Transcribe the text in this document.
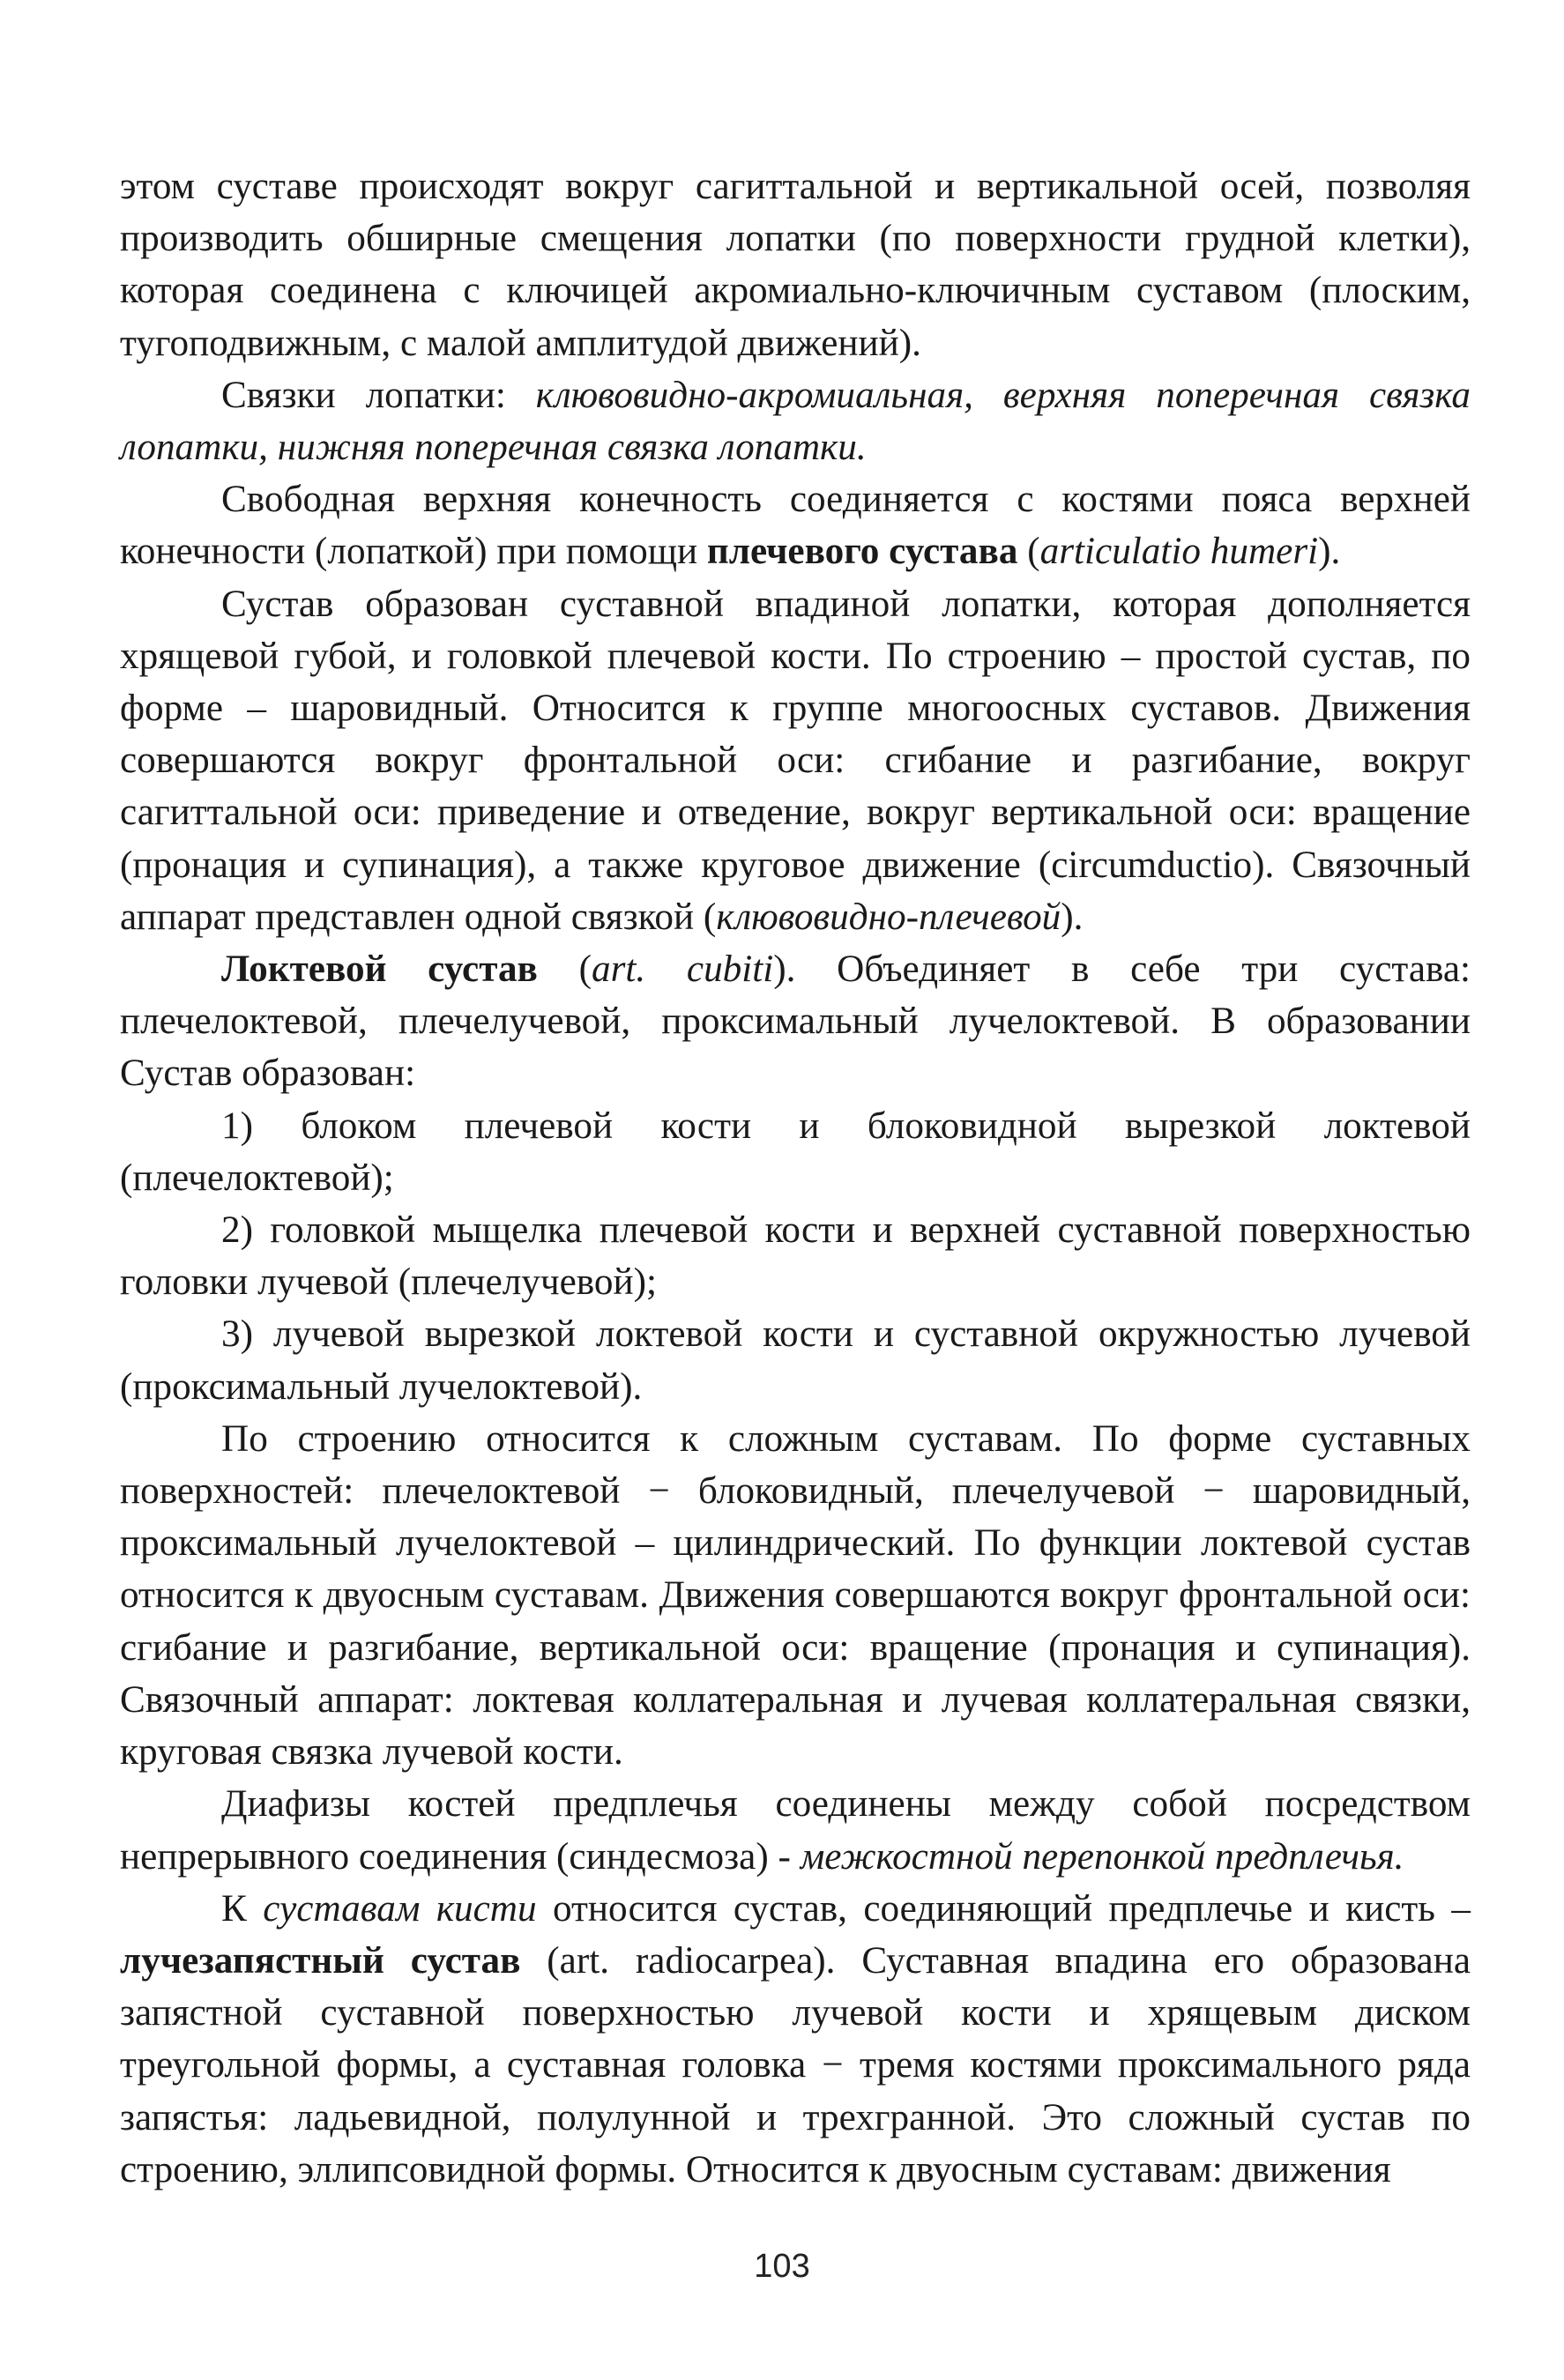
этом суставе происходят вокруг сагиттальной и вертикальной осей, позволяя производить обширные смещения лопатки (по поверхности грудной клетки), которая соединена с ключицей акромиально-ключичным суставом (плоским, тугоподвижным, с малой амплитудой движений).

Связки лопатки: клювовидно-акромиальная, верхняя поперечная связка лопатки, нижняя поперечная связка лопатки.

Свободная верхняя конечность соединяется с костями пояса верхней конечности (лопаткой) при помощи плечевого сустава (articulatio humeri).

Сустав образован суставной впадиной лопатки, которая дополняется хрящевой губой, и головкой плечевой кости. По строению – простой сустав, по форме – шаровидный. Относится к группе многоосных суставов. Движения совершаются вокруг фронтальной оси: сгибание и разгибание, вокруг сагиттальной оси: приведение и отведение, вокруг вертикальной оси: вращение (пронация и супинация), а также круговое движение (circumductio). Связочный аппарат представлен одной связкой (клювовидно-плечевой).

Локтевой сустав (art. cubiti). Объединяет в себе три сустава: плечелоктевой, плечелучевой, проксимальный лучелоктевой. В образовании Сустав образован:

1) блоком плечевой кости и блоковидной вырезкой локтевой (плечелоктевой);

2) головкой мыщелка плечевой кости и верхней суставной поверхностью головки лучевой (плечелучевой);

3) лучевой вырезкой локтевой кости и суставной окружностью лучевой (проксимальный лучелоктевой).

По строению относится к сложным суставам. По форме суставных поверхностей: плечелоктевой − блоковидный, плечелучевой − шаровидный, проксимальный лучелоктевой – цилиндрический. По функции локтевой сустав относится к двуосным суставам. Движения совершаются вокруг фронтальной оси: сгибание и разгибание, вертикальной оси: вращение (пронация и супинация). Связочный аппарат: локтевая коллатеральная и лучевая коллатеральная связки, круговая связка лучевой кости.

Диафизы костей предплечья соединены между собой посредством непрерывного соединения (синдесмоза) - межкостной перепонкой предплечья.

К суставам кисти относится сустав, соединяющий предплечье и кисть – лучезапястный сустав (art. radiocarpea). Суставная впадина его образована запястной суставной поверхностью лучевой кости и хрящевым диском треугольной формы, а суставная головка − тремя костями проксимального ряда запястья: ладьевидной, полулунной и трехгранной. Это сложный сустав по строению, эллипсовидной формы. Относится к двуосным суставам: движения

103
